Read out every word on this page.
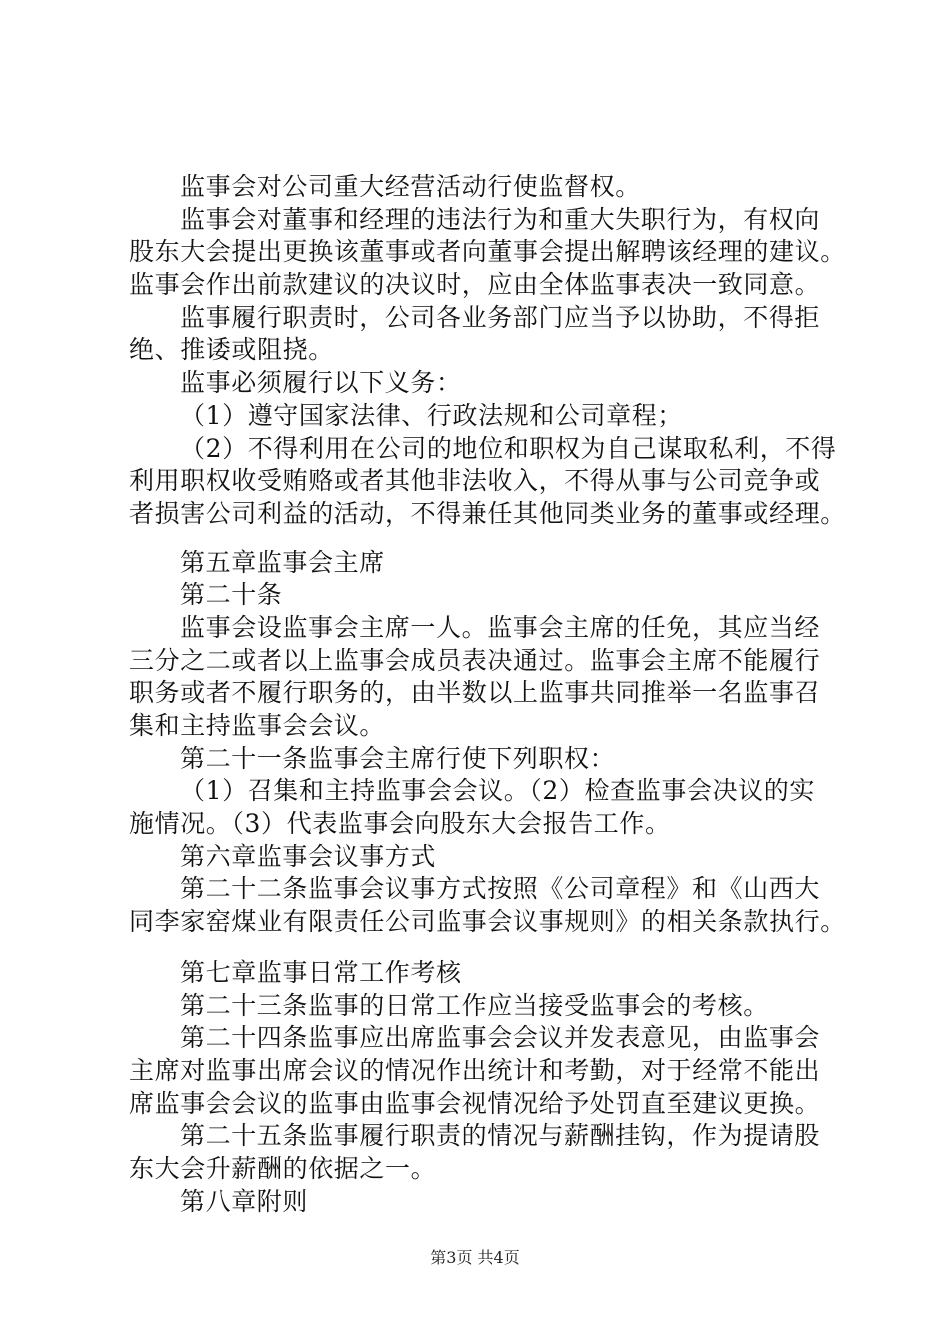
监事会对公司重大经营活动行使监督权。
监事会对董事和经理的违法行为和重大失职行为，有权向
股东大会提出更换该董事或者向董事会提出解聘该经理的建议。
监事会作出前款建议的决议时，应由全体监事表决一致同意。
监事履行职责时，公司各业务部门应当予以协助，不得拒
绝、推诿或阻挠。
监事必须履行以下义务：
（1）遵守国家法律、行政法规和公司章程；
（2）不得利用在公司的地位和职权为自己谋取私利，不得
利用职权收受贿赂或者其他非法收入，不得从事与公司竞争或
者损害公司利益的活动，不得兼任其他同类业务的董事或经理。
第五章监事会主席
第二十条
监事会设监事会主席一人。监事会主席的任免，其应当经
三分之二或者以上监事会成员表决通过。监事会主席不能履行
职务或者不履行职务的，由半数以上监事共同推举一名监事召
集和主持监事会会议。
第二十一条监事会主席行使下列职权：
（1）召集和主持监事会会议。（2）检查监事会决议的实
施情况。（3）代表监事会向股东大会报告工作。
第六章监事会议事方式
第二十二条监事会议事方式按照《公司章程》和《山西大
同李家窑煤业有限责任公司监事会议事规则》的相关条款执行。
第七章监事日常工作考核
第二十三条监事的日常工作应当接受监事会的考核。
第二十四条监事应出席监事会会议并发表意见，由监事会
主席对监事出席会议的情况作出统计和考勤，对于经常不能出
席监事会会议的监事由监事会视情况给予处罚直至建议更换。
第二十五条监事履行职责的情况与薪酬挂钩，作为提请股
东大会升薪酬的依据之一。
第八章附则
第3页 共4页
